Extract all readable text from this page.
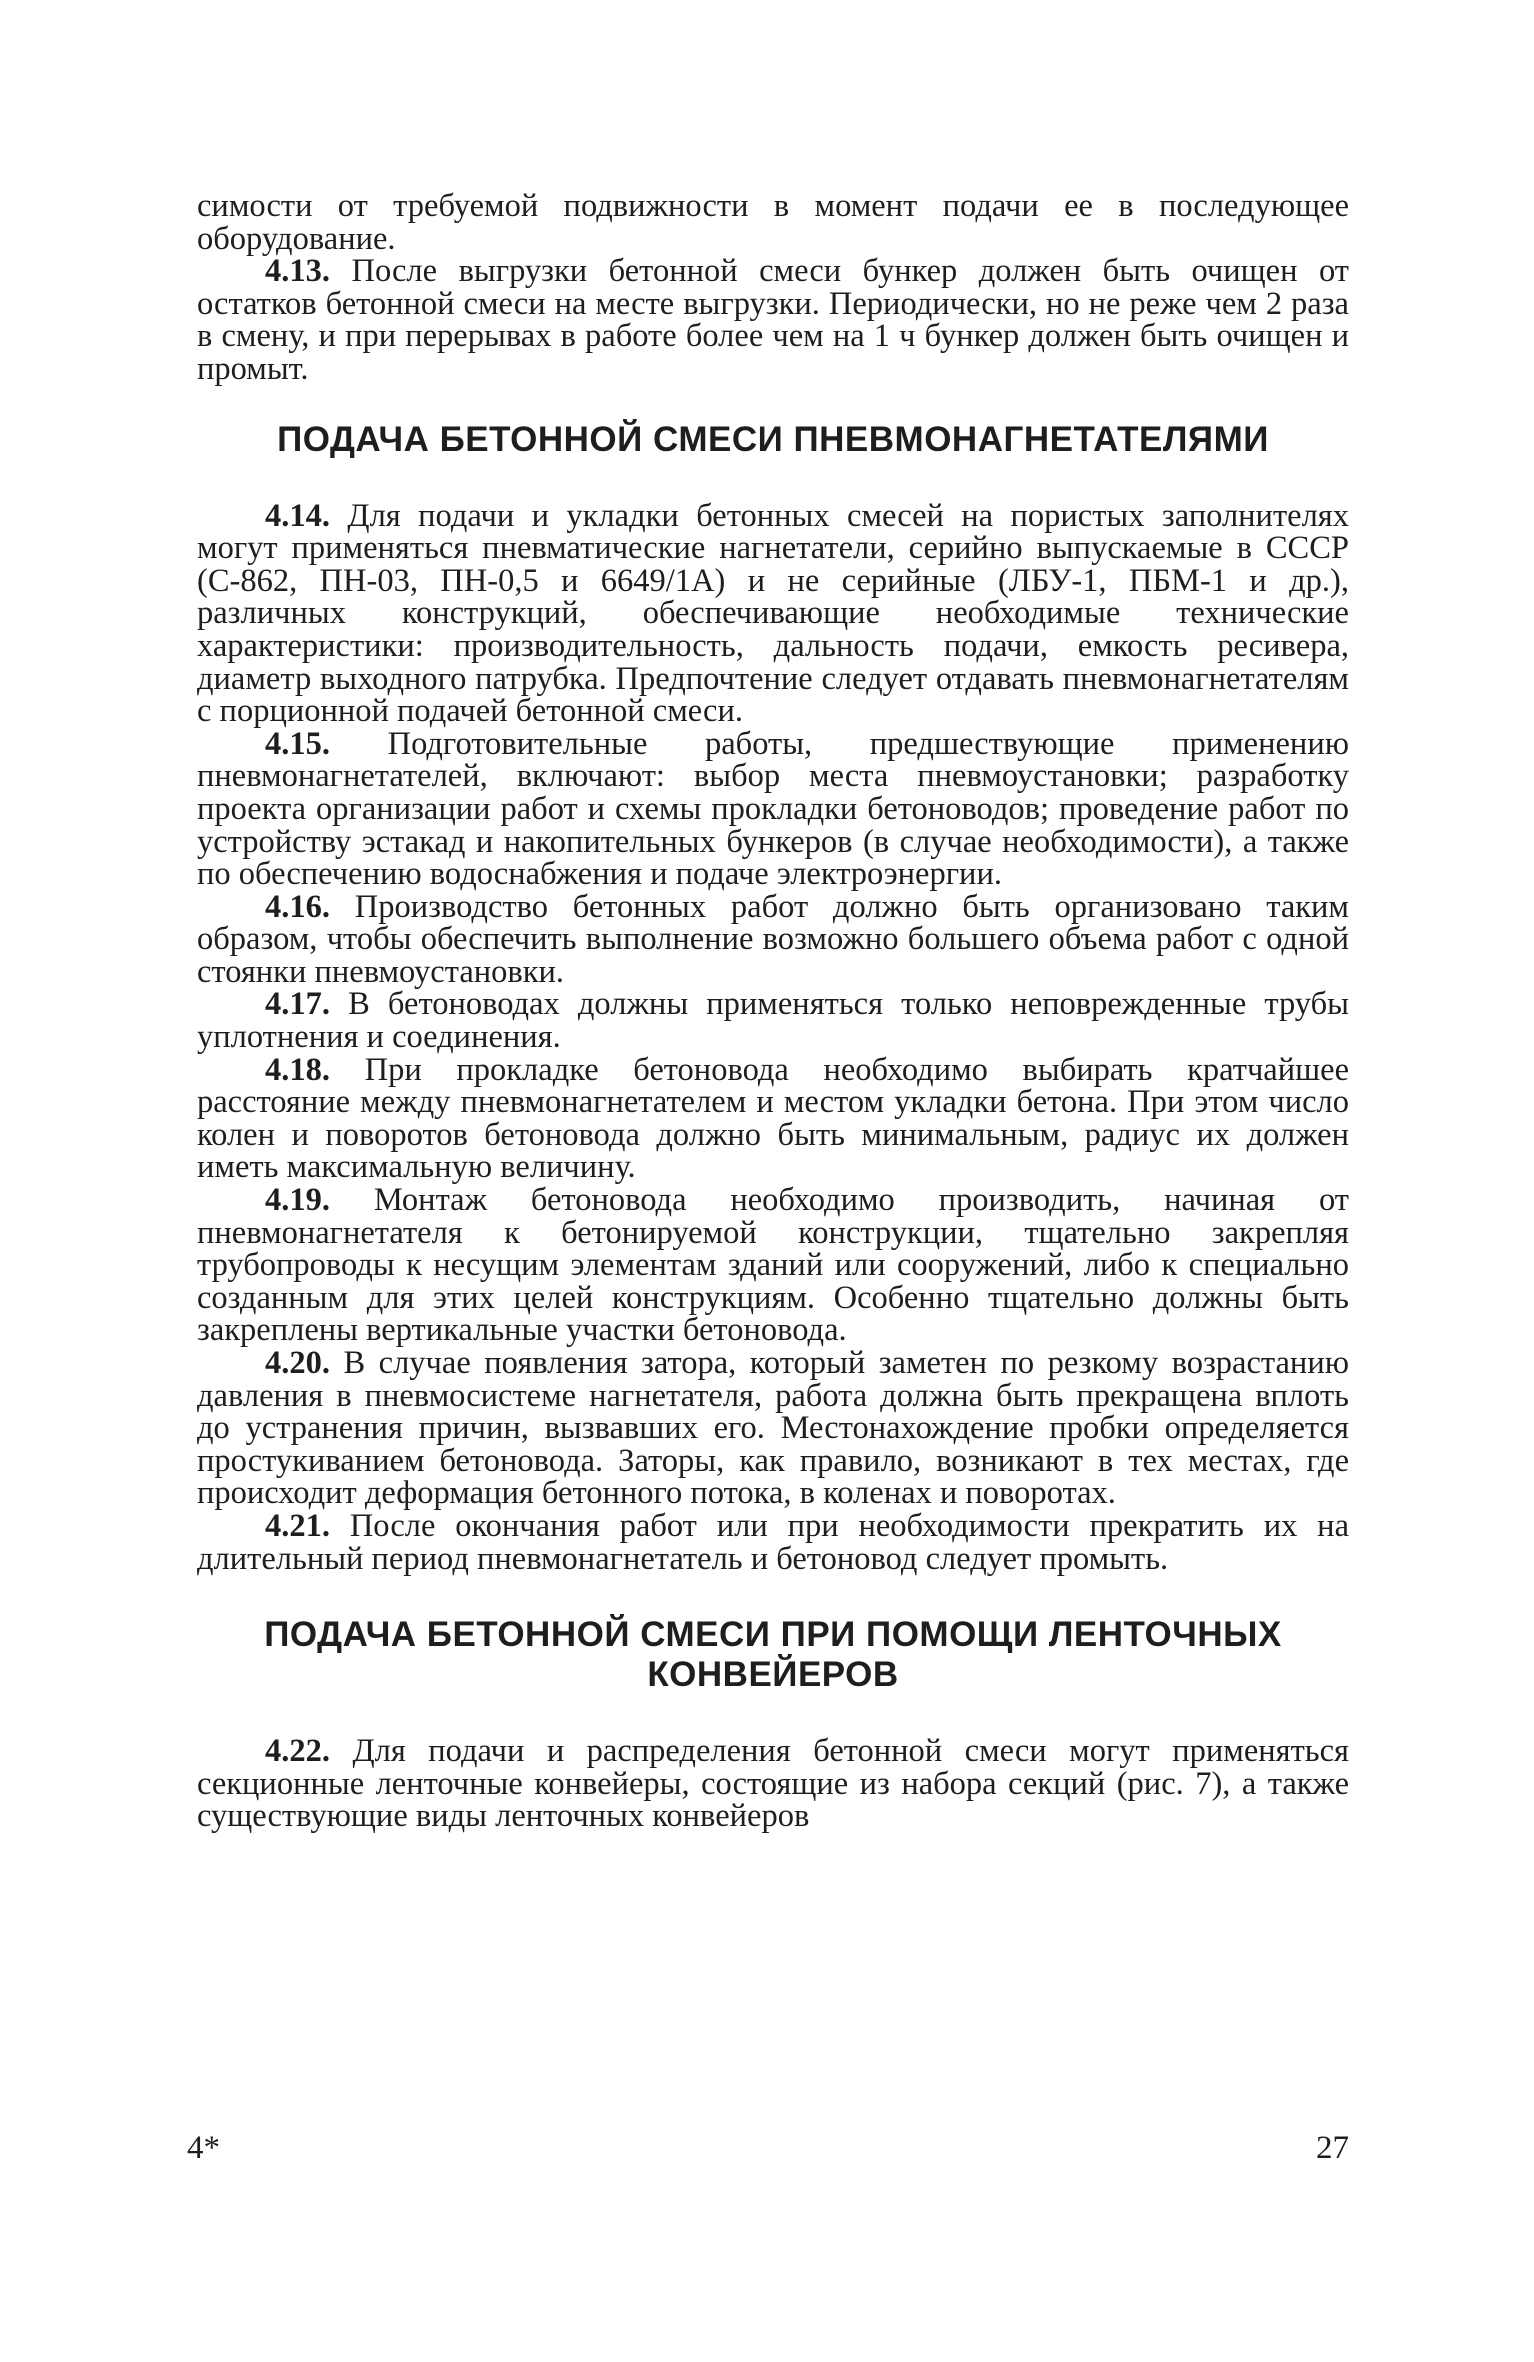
симости от требуемой подвижности в момент подачи ее в последующее оборудование.

4.13. После выгрузки бетонной смеси бункер должен быть очищен от остатков бетонной смеси на месте выгрузки. Периодически, но не реже чем 2 раза в смену, и при перерывах в работе более чем на 1 ч бункер должен быть очищен и промыт.

ПОДАЧА БЕТОННОЙ СМЕСИ ПНЕВМОНАГНЕТАТЕЛЯМИ

4.14. Для подачи и укладки бетонных смесей на пористых заполнителях могут применяться пневматические нагнетатели, серийно выпускаемые в СССР (С-862, ПН-03, ПН-0,5 и 6649/1А) и не серийные (ЛБУ-1, ПБМ-1 и др.), различных конструкций, обеспечивающие необходимые технические характеристики: производительность, дальность подачи, емкость ресивера, диаметр выходного патрубка. Предпочтение следует отдавать пневмонагнетателям с порционной подачей бетонной смеси.

4.15. Подготовительные работы, предшествующие применению пневмонагнетателей, включают: выбор места пневмоустановки; разработку проекта организации работ и схемы прокладки бетоноводов; проведение работ по устройству эстакад и накопительных бункеров (в случае необходимости), а также по обеспечению водоснабжения и подаче электроэнергии.

4.16. Производство бетонных работ должно быть организовано таким образом, чтобы обеспечить выполнение возможно большего объема работ с одной стоянки пневмоустановки.

4.17. В бетоноводах должны применяться только неповрежденные трубы уплотнения и соединения.

4.18. При прокладке бетоновода необходимо выбирать кратчайшее расстояние между пневмонагнетателем и местом укладки бетона. При этом число колен и поворотов бетоновода должно быть минимальным, радиус их должен иметь максимальную величину.

4.19. Монтаж бетоновода необходимо производить, начиная от пневмонагнетателя к бетонируемой конструкции, тщательно закрепляя трубопроводы к несущим элементам зданий или сооружений, либо к специально созданным для этих целей конструкциям. Особенно тщательно должны быть закреплены вертикальные участки бетоновода.

4.20. В случае появления затора, который заметен по резкому возрастанию давления в пневмосистеме нагнетателя, работа должна быть прекращена вплоть до устранения причин, вызвавших его. Местонахождение пробки определяется простукиванием бетоновода. Заторы, как правило, возникают в тех местах, где происходит деформация бетонного потока, в коленах и поворотах.

4.21. После окончания работ или при необходимости прекратить их на длительный период пневмонагнетатель и бетоновод следует промыть.

ПОДАЧА БЕТОННОЙ СМЕСИ ПРИ ПОМОЩИ ЛЕНТОЧНЫХ
КОНВЕЙЕРОВ

4.22. Для подачи и распределения бетонной смеси могут применяться секционные ленточные конвейеры, состоящие из набора секций (рис. 7), а также существующие виды ленточных конвейеров

4*	27
